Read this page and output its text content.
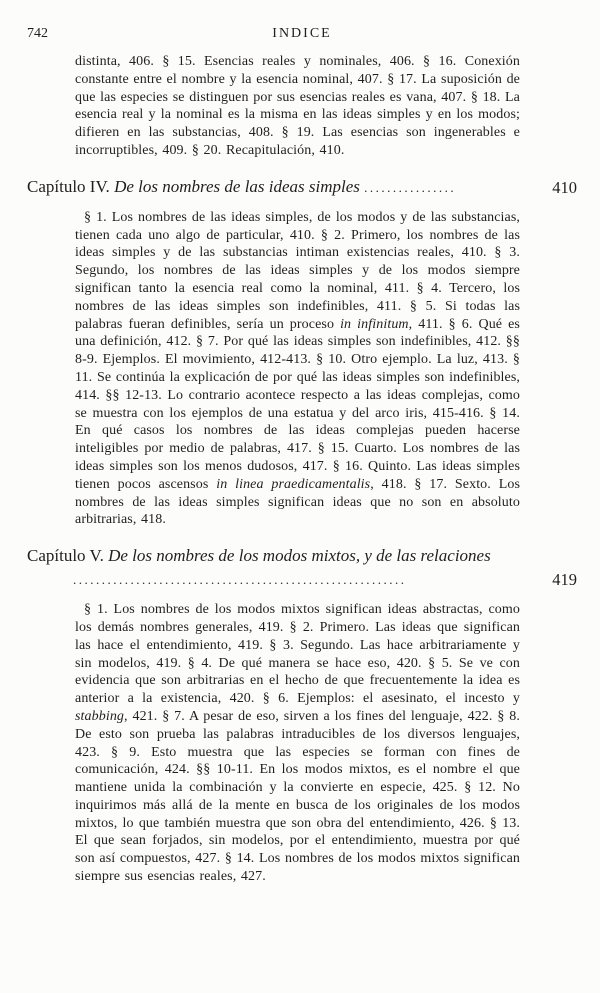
742	INDICE

distinta, 406. § 15. Esencias reales y nominales, 406. § 16. Conexión constante entre el nombre y la esencia nominal, 407. § 17. La suposición de que las especies se distinguen por sus esencias reales es vana, 407. § 18. La esencia real y la nominal es la misma en las ideas simples y en los modos; difieren en las substancias, 408. § 19. Las esencias son ingenerables e incorruptibles, 409. § 20. Recapitulación, 410.

Capítulo IV. De los nombres de las ideas simples ................	410

§ 1. Los nombres de las ideas simples, de los modos y de las substancias, tienen cada uno algo de particular, 410. § 2. Primero, los nombres de las ideas simples y de las substancias intiman existencias reales, 410. § 3. Segundo, los nombres de las ideas simples y de los modos siempre significan tanto la esencia real como la nominal, 411. § 4. Tercero, los nombres de las ideas simples son indefinibles, 411. § 5. Si todas las palabras fueran definibles, sería un proceso in infinitum, 411. § 6. Qué es una definición, 412. § 7. Por qué las ideas simples son indefinibles, 412. §§ 8-9. Ejemplos. El movimiento, 412-413. § 10. Otro ejemplo. La luz, 413. § 11. Se continúa la explicación de por qué las ideas simples son indefinibles, 414. §§ 12-13. Lo contrario acontece respecto a las ideas complejas, como se muestra con los ejemplos de una estatua y del arco iris, 415-416. § 14. En qué casos los nombres de las ideas complejas pueden hacerse inteligibles por medio de palabras, 417. § 15. Cuarto. Los nombres de las ideas simples son los menos dudosos, 417. § 16. Quinto. Las ideas simples tienen pocos ascensos in linea praedicamentalis, 418. § 17. Sexto. Los nombres de las ideas simples significan ideas que no son en absoluto arbitrarias, 418.

Capítulo V. De los nombres de los modos mixtos, y de las relaciones ..........................................................	419

§ 1. Los nombres de los modos mixtos significan ideas abstractas, como los demás nombres generales, 419. § 2. Primero. Las ideas que significan las hace el entendimiento, 419. § 3. Segundo. Las hace arbitrariamente y sin modelos, 419. § 4. De qué manera se hace eso, 420. § 5. Se ve con evidencia que son arbitrarias en el hecho de que frecuentemente la idea es anterior a la existencia, 420. § 6. Ejemplos: el asesinato, el incesto y stabbing, 421. § 7. A pesar de eso, sirven a los fines del lenguaje, 422. § 8. De esto son prueba las palabras intraducibles de los diversos lenguajes, 423. § 9. Esto muestra que las especies se forman con fines de comunicación, 424. §§ 10-11. En los modos mixtos, es el nombre el que mantiene unida la combinación y la convierte en especie, 425. § 12. No inquirimos más allá de la mente en busca de los originales de los modos mixtos, lo que también muestra que son obra del entendimiento, 426. § 13. El que sean forjados, sin modelos, por el entendimiento, muestra por qué son así compuestos, 427. § 14. Los nombres de los modos mixtos significan siempre sus esencias reales, 427.
